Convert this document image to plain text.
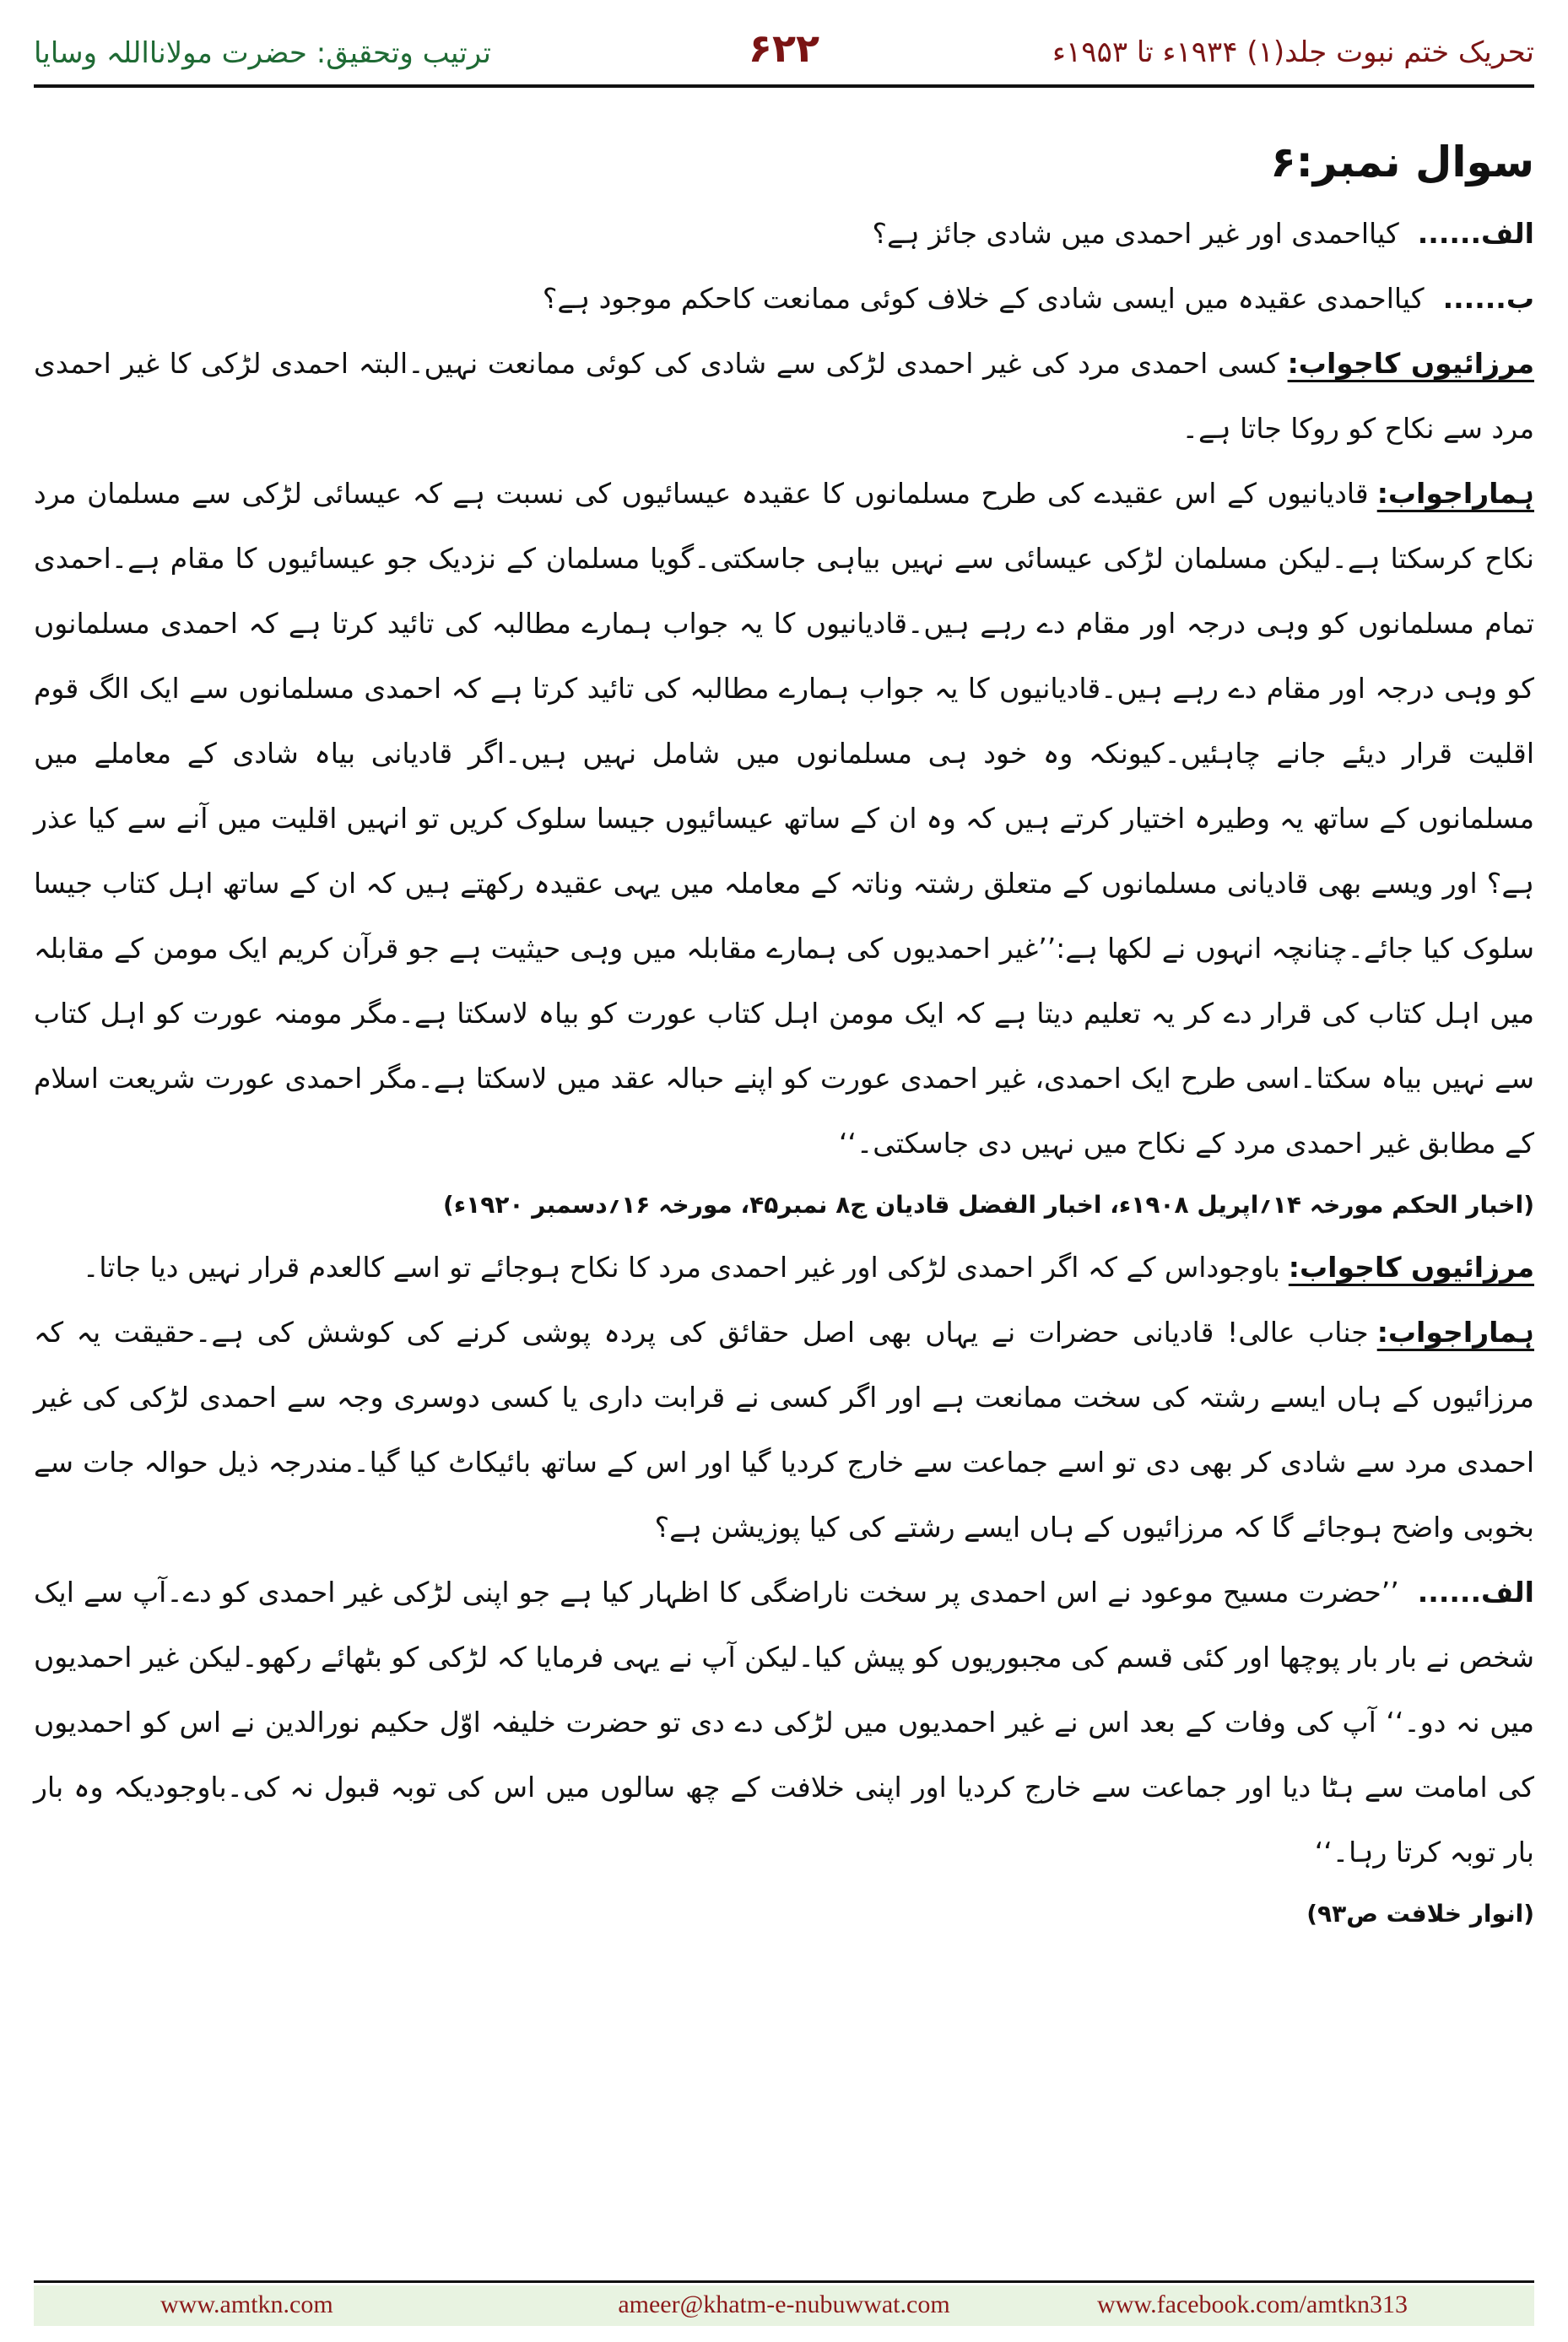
تحریک ختم نبوت جلد(۱) ۱۹۳۴ء تا ۱۹۵۳ء
۶۲۲
ترتیب وتحقیق: حضرت مولانااللہ وسایا

سوال نمبر:۶

الف......کیااحمدی اور غیر احمدی میں شادی جائز ہے؟

ب......کیااحمدی عقیدہ میں ایسی شادی کے خلاف کوئی ممانعت کاحکم موجود ہے؟

مرزائیوں کاجواب:کسی احمدی مرد کی غیر احمدی لڑکی سے شادی کی کوئی ممانعت نہیں۔البتہ احمدی لڑکی کا غیر احمدی مرد سے نکاح کو روکا جاتا ہے۔

ہماراجواب:قادیانیوں کے اس عقیدے کی طرح مسلمانوں کا عقیدہ عیسائیوں کی نسبت ہے کہ عیسائی لڑکی سے مسلمان مرد نکاح کرسکتا ہے۔لیکن مسلمان لڑکی عیسائی سے نہیں بیاہی جاسکتی۔گویا مسلمان کے نزدیک جو عیسائیوں کا مقام ہے۔احمدی تمام مسلمانوں کو وہی درجہ اور مقام دے رہے ہیں۔قادیانیوں کا یہ جواب ہمارے مطالبہ کی تائید کرتا ہے کہ احمدی مسلمانوں کو وہی درجہ اور مقام دے رہے ہیں۔قادیانیوں کا یہ جواب ہمارے مطالبہ کی تائید کرتا ہے کہ احمدی مسلمانوں سے ایک الگ قوم اقلیت قرار دیئے جانے چاہئیں۔کیونکہ وہ خود ہی مسلمانوں میں شامل نہیں ہیں۔اگر قادیانی بیاہ شادی کے معاملے میں مسلمانوں کے ساتھ یہ وطیرہ اختیار کرتے ہیں کہ وہ ان کے ساتھ عیسائیوں جیسا سلوک کریں تو انہیں اقلیت میں آنے سے کیا عذر ہے؟ اور ویسے بھی قادیانی مسلمانوں کے متعلق رشتہ وناتہ کے معاملہ میں یہی عقیدہ رکھتے ہیں کہ ان کے ساتھ اہل کتاب جیسا سلوک کیا جائے۔چنانچہ انہوں نے لکھا ہے:’’غیر احمدیوں کی ہمارے مقابلہ میں وہی حیثیت ہے جو قرآن کریم ایک مومن کے مقابلہ میں اہل کتاب کی قرار دے کر یہ تعلیم دیتا ہے کہ ایک مومن اہل کتاب عورت کو بیاہ لاسکتا ہے۔مگر مومنہ عورت کو اہل کتاب سے نہیں بیاہ سکتا۔اسی طرح ایک احمدی، غیر احمدی عورت کو اپنے حبالہ عقد میں لاسکتا ہے۔مگر احمدی عورت شریعت اسلام کے مطابق غیر احمدی مرد کے نکاح میں نہیں دی جاسکتی۔‘‘

(اخبار الحکم مورخہ ۱۴؍اپریل ۱۹۰۸ء، اخبار الفضل قادیان ج۸ نمبر۴۵، مورخہ ۱۶؍دسمبر ۱۹۲۰ء)

مرزائیوں کاجواب:باوجوداس کے کہ اگر احمدی لڑکی اور غیر احمدی مرد کا نکاح ہوجائے تو اسے کالعدم قرار نہیں دیا جاتا۔

ہماراجواب:جناب عالی! قادیانی حضرات نے یہاں بھی اصل حقائق کی پردہ پوشی کرنے کی کوشش کی ہے۔حقیقت یہ کہ مرزائیوں کے ہاں ایسے رشتہ کی سخت ممانعت ہے اور اگر کسی نے قرابت داری یا کسی دوسری وجہ سے احمدی لڑکی کی غیر احمدی مرد سے شادی کر بھی دی تو اسے جماعت سے خارج کردیا گیا اور اس کے ساتھ بائیکاٹ کیا گیا۔مندرجہ ذیل حوالہ جات سے بخوبی واضح ہوجائے گا کہ مرزائیوں کے ہاں ایسے رشتے کی کیا پوزیشن ہے؟

الف......’’حضرت مسیح موعود نے اس احمدی پر سخت ناراضگی کا اظہار کیا ہے جو اپنی لڑکی غیر احمدی کو دے۔آپ سے ایک شخص نے بار بار پوچھا اور کئی قسم کی مجبوریوں کو پیش کیا۔لیکن آپ نے یہی فرمایا کہ لڑکی کو بٹھائے رکھو۔لیکن غیر احمدیوں میں نہ دو۔‘‘ آپ کی وفات کے بعد اس نے غیر احمدیوں میں لڑکی دے دی تو حضرت خلیفہ اوّل حکیم نورالدین نے اس کو احمدیوں کی امامت سے ہٹا دیا اور جماعت سے خارج کردیا اور اپنی خلافت کے چھ سالوں میں اس کی توبہ قبول نہ کی۔باوجودیکہ وہ بار بار توبہ کرتا رہا۔‘‘

(انوار خلافت ص۹۳)

www.amtkn.com	ameer@khatm-e-nubuwwat.com	www.facebook.com/amtkn313
